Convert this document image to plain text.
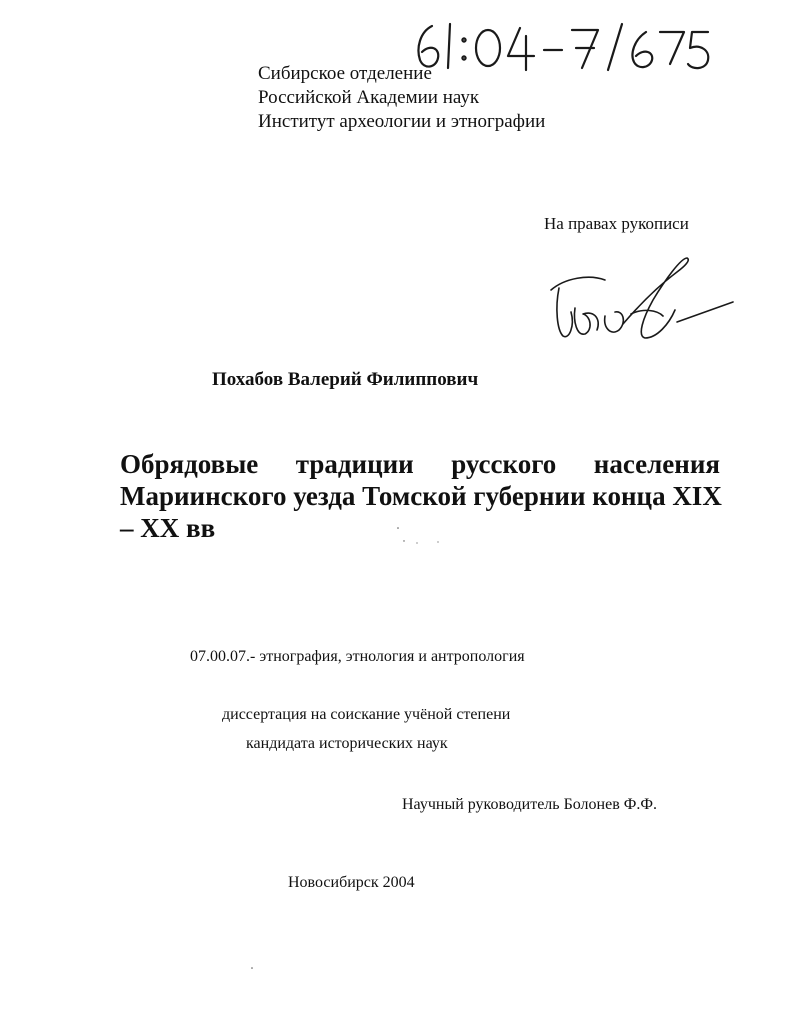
Сибирское отделение
Российской Академии наук
Институт археологии и этнографии
На правах рукописи
Похабов Валерий Филиппович
Обрядовые традиции русского населения
Мариинского уезда Томской губернии конца XIX
– XX вв
07.00.07.- этнография, этнология и антропология
диссертация на соискание учёной степени
кандидата исторических наук
Научный руководитель Болонев Ф.Ф.
Новосибирск 2004
